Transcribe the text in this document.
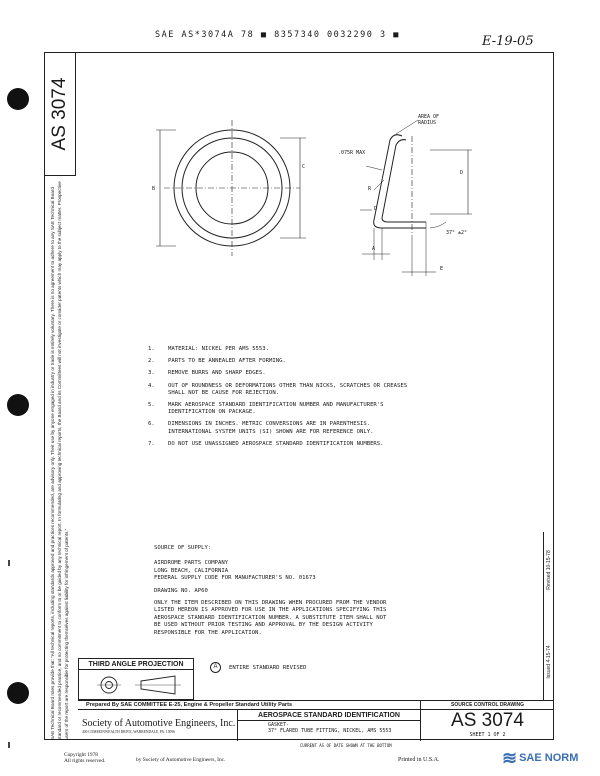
SAE AS*3074A 78 ■ 8357340 0032290 3 ■	E-19-05
AS 3074
SAE Technical Board rules provide that: "All technical reports, including standards approved and practices recommended, are advisory only. Their use by anyone engaged in industry or trade is entirely voluntary. There is no agreement to adhere to any SAE Technical Board standard or recommended practice, and no commitment to conform to or be guided by any technical report. In formulating and approving technical reports, the Board and its Committees will not investigate or consider patents which may apply to the subject matter. Prospective users of the report are responsible for protecting themselves against liability for infringement of patents."
AREA OF
RADIUS
.075R MAX
B
C
R
D
D
A
E
37° ±2°
1.	MATERIAL: NICKEL PER AMS 5553.
2.	PARTS TO BE ANNEALED AFTER FORMING.
3.	REMOVE BURRS AND SHARP EDGES.
4.	OUT OF ROUNDNESS OR DEFORMATIONS OTHER THAN NICKS, SCRATCHES OR CREASES
SHALL NOT BE CAUSE FOR REJECTION.
5.	MARK AEROSPACE STANDARD IDENTIFICATION NUMBER AND MANUFACTURER'S
IDENTIFICATION ON PACKAGE.
6.	DIMENSIONS IN INCHES. METRIC CONVERSIONS ARE IN PARENTHESIS.
INTERNATIONAL SYSTEM UNITS (SI) SHOWN ARE FOR REFERENCE ONLY.
7.	DO NOT USE UNASSIGNED AEROSPACE STANDARD IDENTIFICATION NUMBERS.
SOURCE OF SUPPLY:
AIRDROME PARTS COMPANY
LONG BEACH, CALIFORNIA
FEDERAL SUPPLY CODE FOR MANUFACTURER'S NO. 01673
DRAWING NO. AP60
ONLY THE ITEM DESCRIBED ON THIS DRAWING WHEN PROCURED FROM THE VENDOR
LISTED HEREON IS APPROVED FOR USE IN THE APPLICATIONS SPECIFYING THIS
AEROSPACE STANDARD IDENTIFICATION NUMBER. A SUBSTITUTE ITEM SHALL NOT
BE USED WITHOUT PRIOR TESTING AND APPROVAL BY THE DESIGN ACTIVITY
RESPONSIBLE FOR THE APPLICATION.
Issued 4-15-74
Revised 10-15-78
THIRD ANGLE PROJECTION	A	ENTIRE STANDARD REVISED
Prepared By SAE COMMITTEE E-25, Engine & Propeller Standard Utility Parts	SOURCE CONTROL DRAWING
Society of Automotive Engineers, Inc.
400 COMMONWEALTH DRIVE, WARRENDALE, PA. 15096
AEROSPACE STANDARD IDENTIFICATION
GASKET-
37° FLARED TUBE FITTING, NICKEL, AMS 5553	AS 3074
SHEET 1 OF 2
CURRENT AS OF DATE SHOWN AT THE BOTTOM
Copyright 1978
All rights reserved.	by Society of Automotive Engineers, Inc.	Printed in U.S.A.	≋ SAE NORM
